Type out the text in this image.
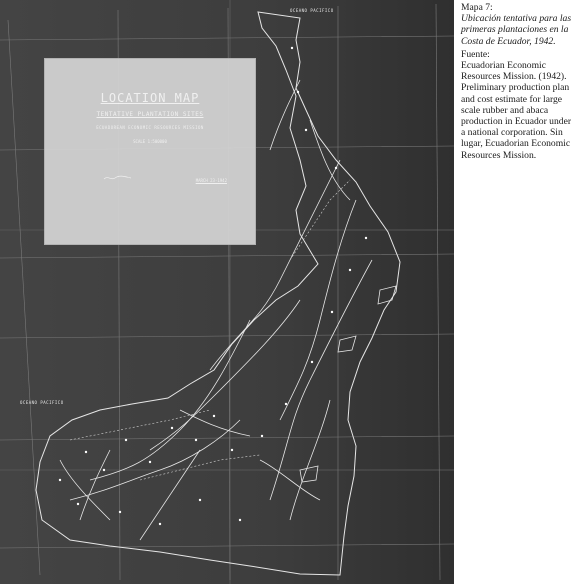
OCEANO PACIFICO
OCEANO PACIFICO
LOCATION MAP
TENTATIVE PLANTATION SITES
ECUADOREAN ECONOMIC RESOURCES MISSION
SCALE 1:500000
MARCH 23-1942
Mapa 7:
Ubicación tentativa para las primeras plantaciones en la Costa de Ecuador, 1942.
Fuente:
Ecuadorian Economic Resources Mission. (1942). Preliminary production plan and cost estimate for large scale rubber and abaca production in Ecuador under a national corporation. Sin lugar, Ecuadorian Economic Resources Mission.
